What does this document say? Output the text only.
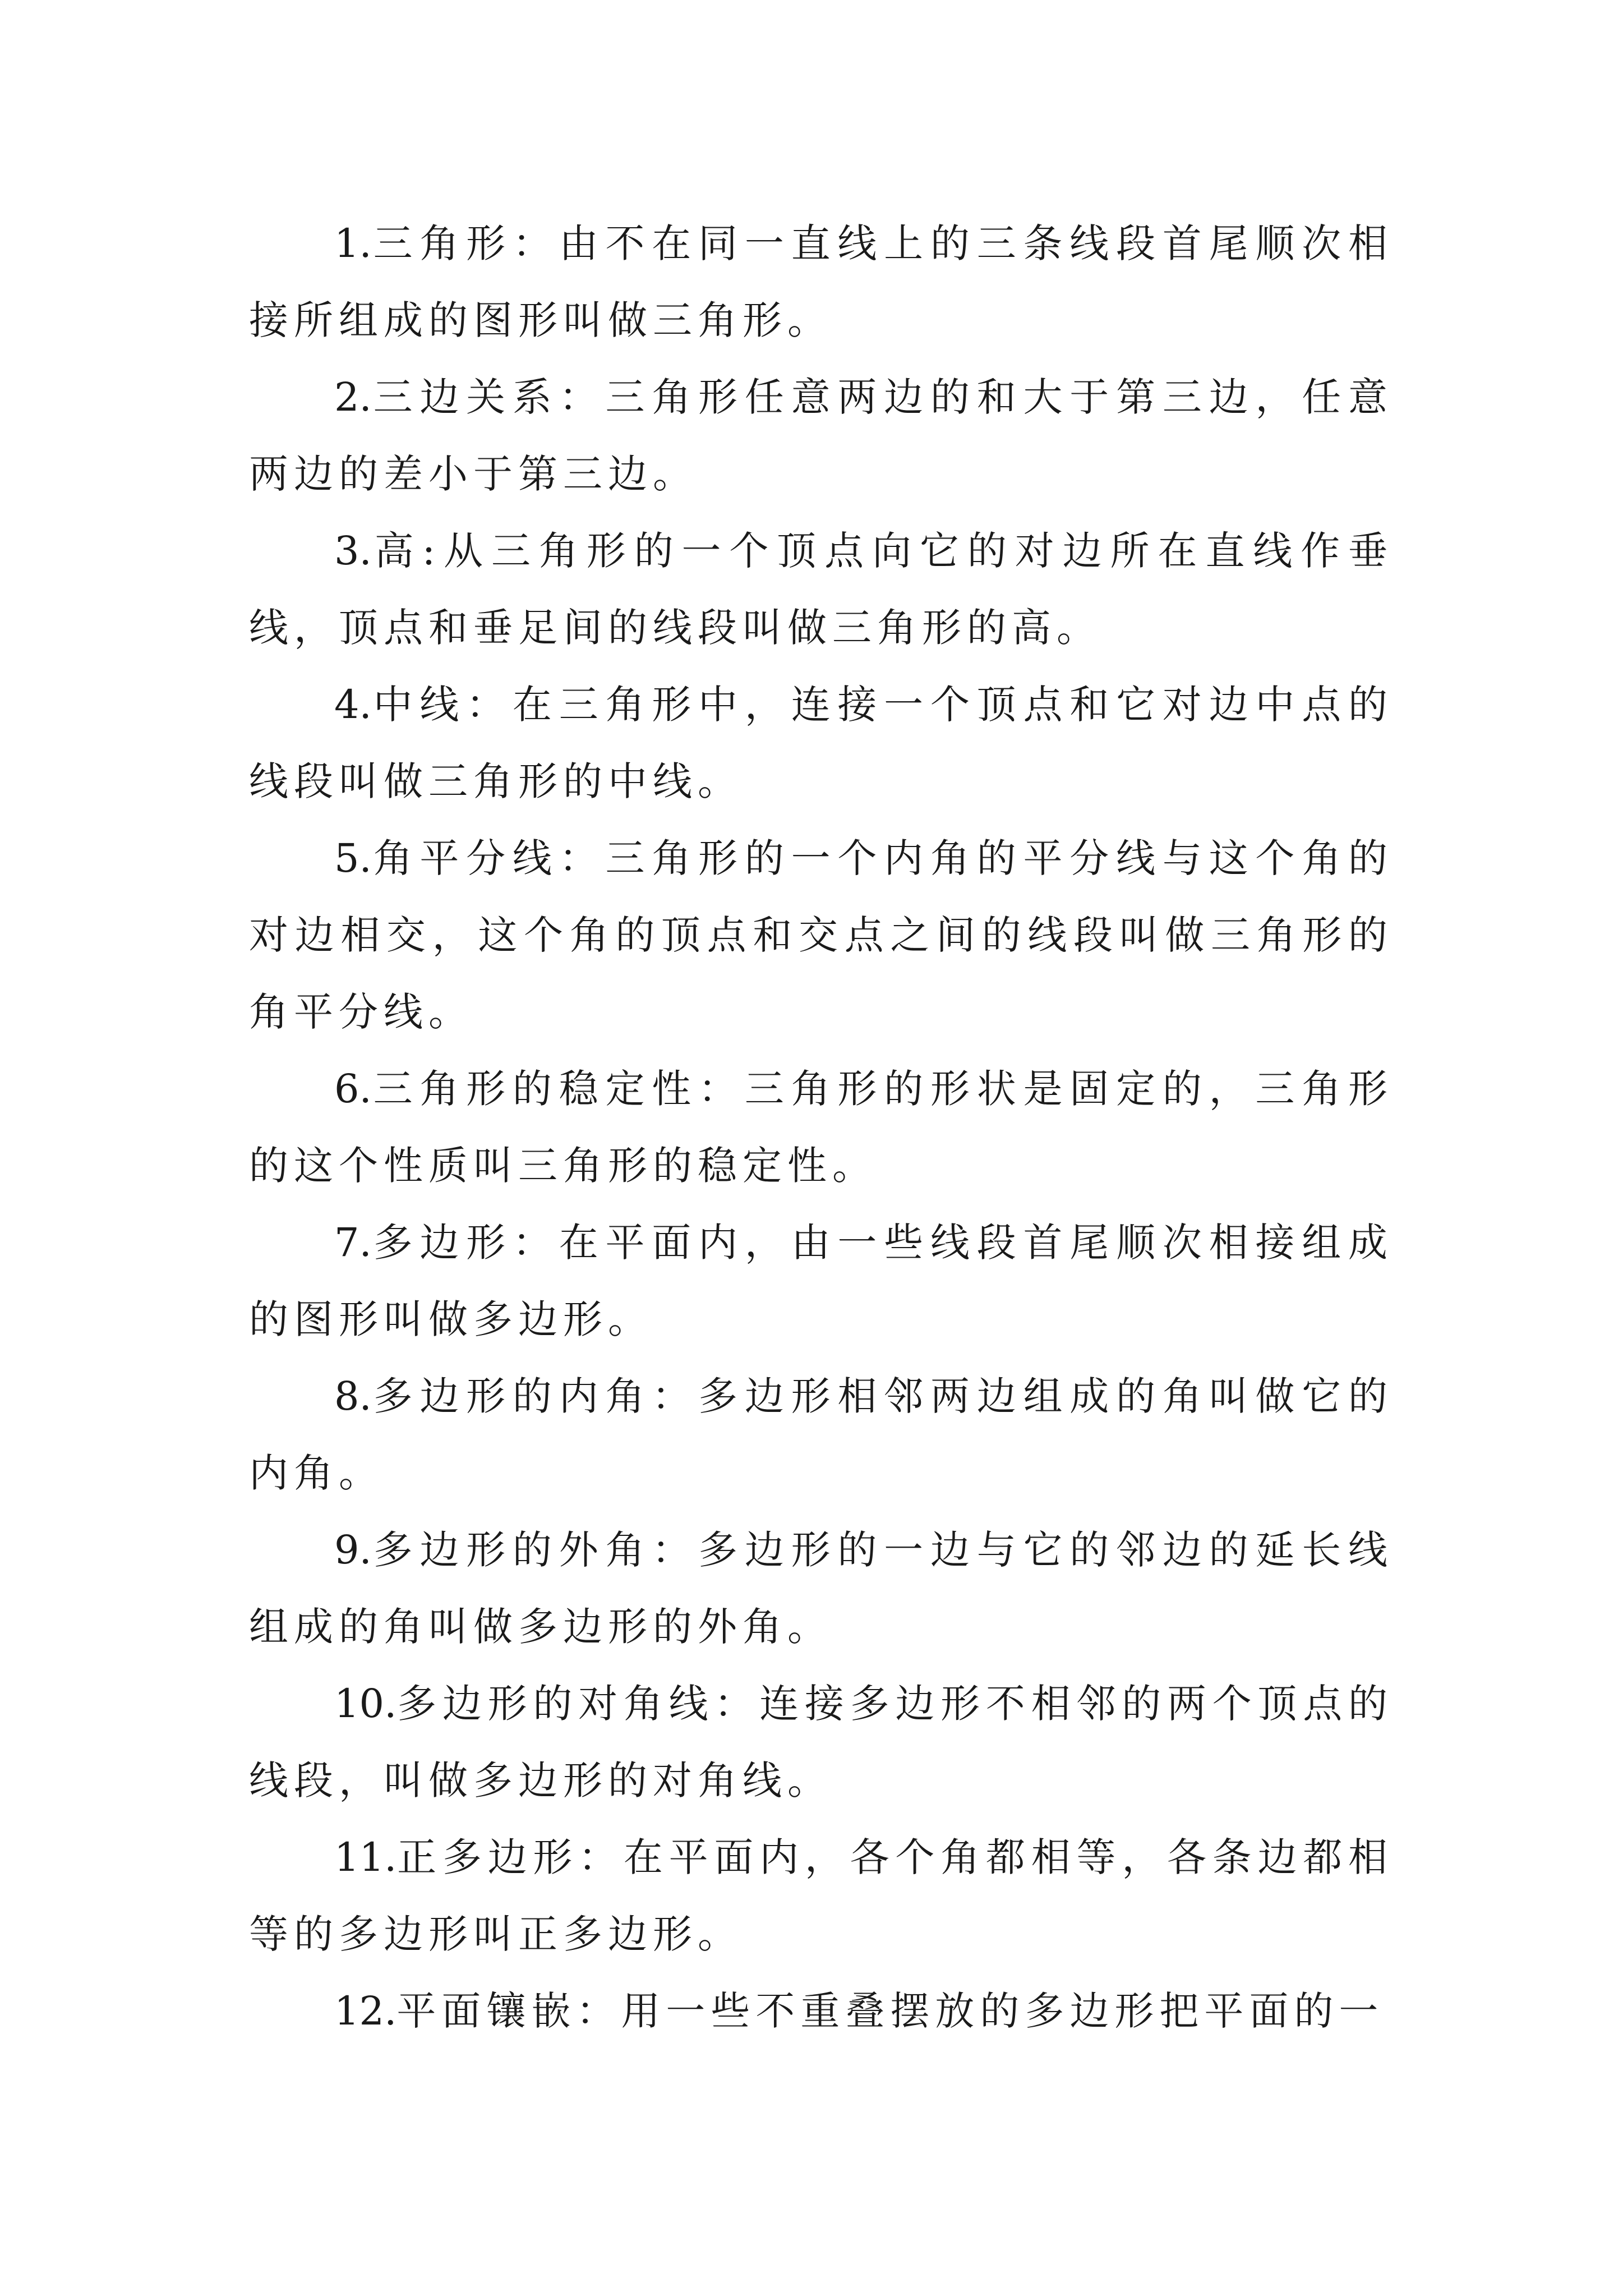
1.三角形：由不在同一直线上的三条线段首尾顺次相接所组成的图形叫做三角形。

2.三边关系：三角形任意两边的和大于第三边，任意两边的差小于第三边。

3.高:从三角形的一个顶点向它的对边所在直线作垂线，顶点和垂足间的线段叫做三角形的高。

4.中线：在三角形中，连接一个顶点和它对边中点的线段叫做三角形的中线。

5.角平分线：三角形的一个内角的平分线与这个角的对边相交，这个角的顶点和交点之间的线段叫做三角形的角平分线。

6.三角形的稳定性：三角形的形状是固定的，三角形的这个性质叫三角形的稳定性。

7.多边形：在平面内，由一些线段首尾顺次相接组成的图形叫做多边形。

8.多边形的内角：多边形相邻两边组成的角叫做它的内角。

9.多边形的外角：多边形的一边与它的邻边的延长线组成的角叫做多边形的外角。

10.多边形的对角线：连接多边形不相邻的两个顶点的线段，叫做多边形的对角线。

11.正多边形：在平面内，各个角都相等，各条边都相等的多边形叫正多边形。

12.平面镶嵌：用一些不重叠摆放的多边形把平面的一
